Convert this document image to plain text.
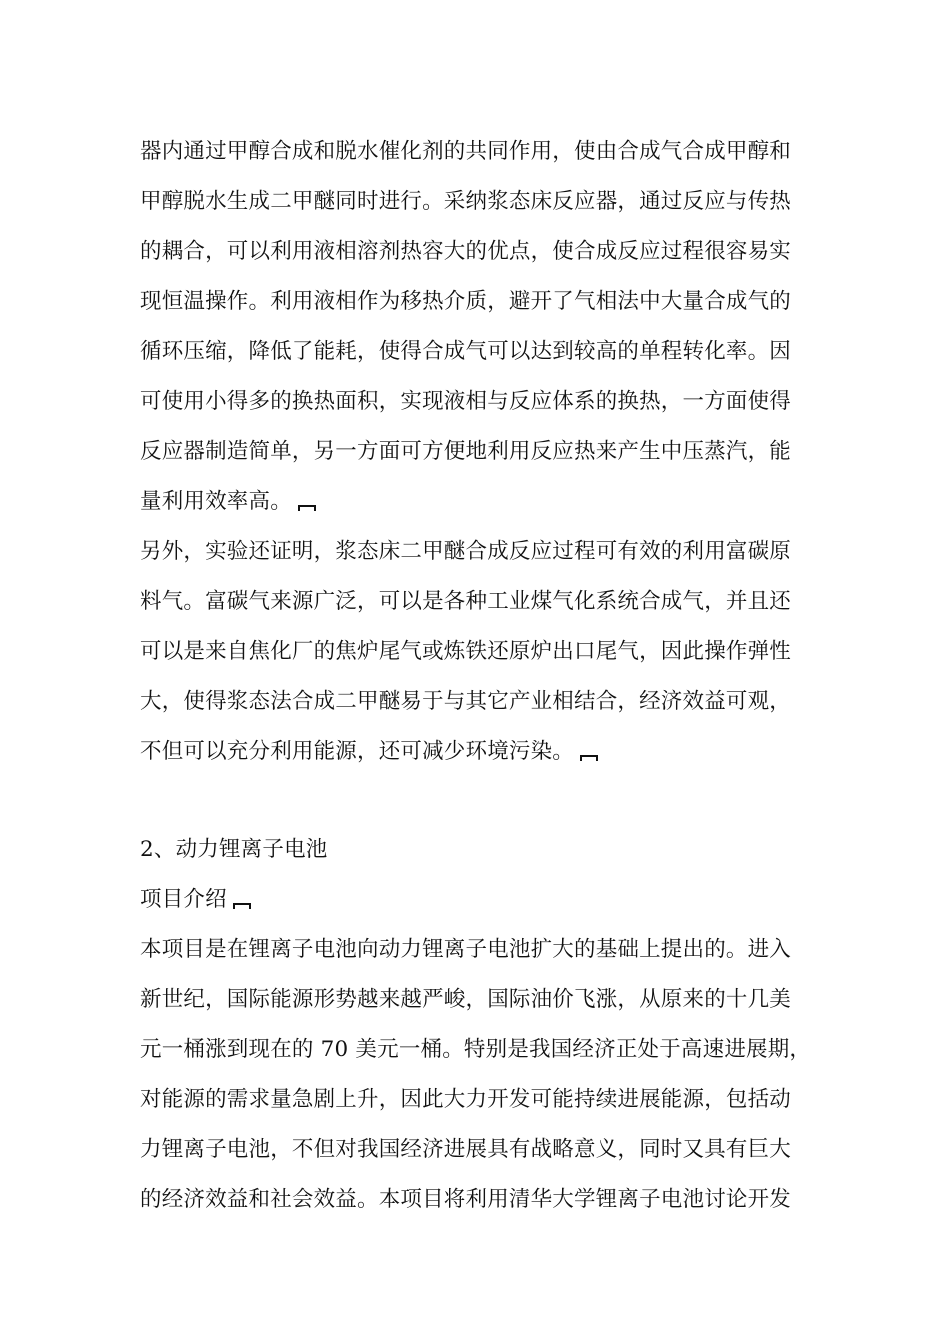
器内通过甲醇合成和脱水催化剂的共同作用，使由合成气合成甲醇和
甲醇脱水生成二甲醚同时进行。采纳浆态床反应器，通过反应与传热
的耦合，可以利用液相溶剂热容大的优点，使合成反应过程很容易实
现恒温操作。利用液相作为移热介质，避开了气相法中大量合成气的
循环压缩，降低了能耗，使得合成气可以达到较高的单程转化率。因
可使用小得多的换热面积，实现液相与反应体系的换热，一方面使得
反应器制造简单，另一方面可方便地利用反应热来产生中压蒸汽，能
量利用效率高。
另外，实验还证明，浆态床二甲醚合成反应过程可有效的利用富碳原
料气。富碳气来源广泛，可以是各种工业煤气化系统合成气，并且还
可以是来自焦化厂的焦炉尾气或炼铁还原炉出口尾气，因此操作弹性
大，使得浆态法合成二甲醚易于与其它产业相结合，经济效益可观，
不但可以充分利用能源，还可减少环境污染。
2、动力锂离子电池
项目介绍
本项目是在锂离子电池向动力锂离子电池扩大的基础上提出的。进入
新世纪，国际能源形势越来越严峻，国际油价飞涨，从原来的十几美
元一桶涨到现在的 70 美元一桶。特别是我国经济正处于高速进展期，
对能源的需求量急剧上升，因此大力开发可能持续进展能源，包括动
力锂离子电池，不但对我国经济进展具有战略意义，同时又具有巨大
的经济效益和社会效益。本项目将利用清华大学锂离子电池讨论开发
